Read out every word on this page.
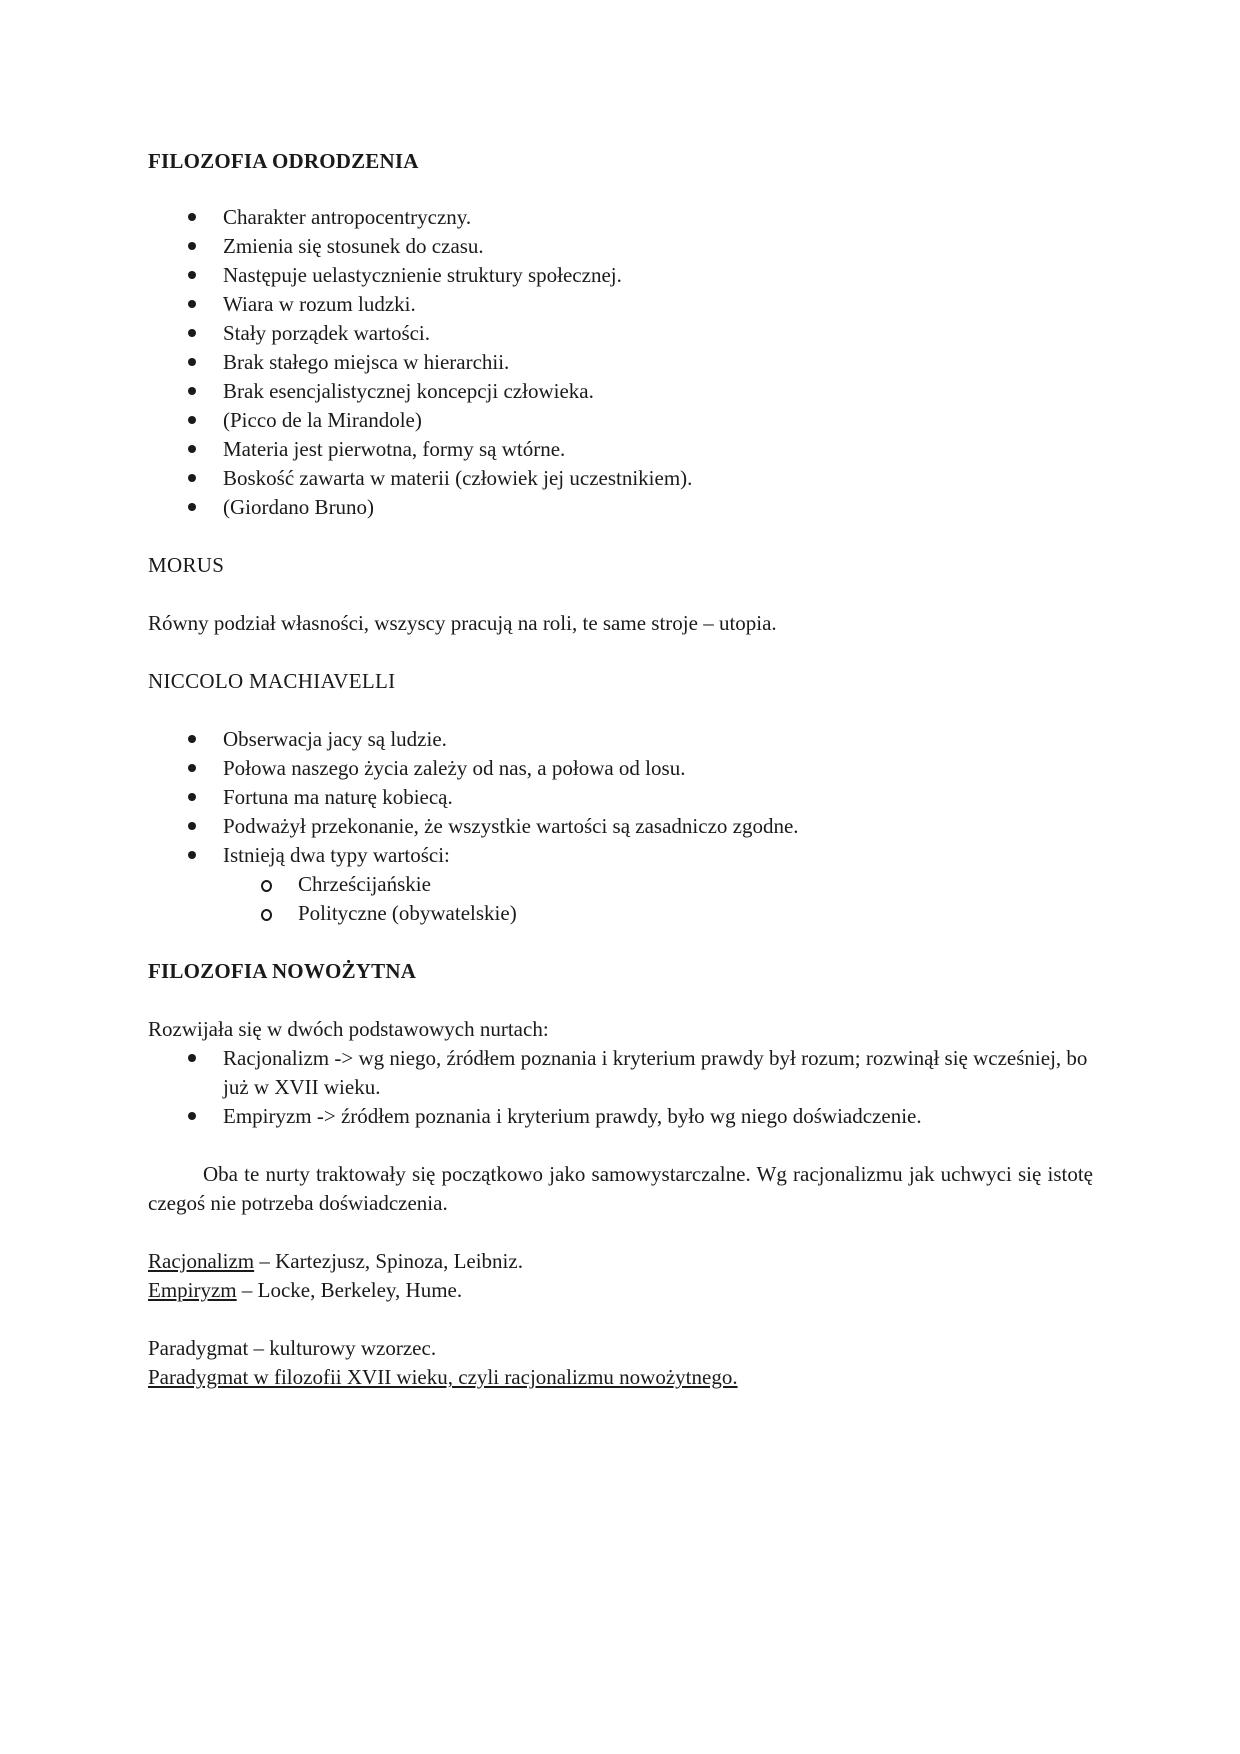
FILOZOFIA ODRODZENIA
Charakter antropocentryczny.
Zmienia się stosunek do czasu.
Następuje uelastycznienie struktury społecznej.
Wiara w rozum ludzki.
Stały porządek wartości.
Brak stałego miejsca w hierarchii.
Brak esencjalistycznej koncepcji człowieka.
(Picco de la Mirandole)
Materia jest pierwotna, formy są wtórne.
Boskość zawarta w materii (człowiek jej uczestnikiem).
(Giordano Bruno)
MORUS

Równy podział własności, wszyscy pracują na roli, te same stroje – utopia.

NICCOLO MACHIAVELLI
Obserwacja jacy są ludzie.
Połowa naszego życia zależy od nas, a połowa od losu.
Fortuna ma naturę kobiecą.
Podważył przekonanie, że wszystkie wartości są zasadniczo zgodne.
Istnieją dwa typy wartości:
Chrześcijańskie
Polityczne (obywatelskie)
FILOZOFIA NOWOŻYTNA

Rozwijała się w dwóch podstawowych nurtach:

Racjonalizm -> wg niego, źródłem poznania i kryterium prawdy był rozum; rozwinął się wcześniej, bo już w XVII wieku.
Empiryzm -> źródłem poznania i kryterium prawdy, było wg niego doświadczenie.

Oba te nurty traktowały się początkowo jako samowystarczalne. Wg racjonalizmu jak uchwyci się istotę czegoś nie potrzeba doświadczenia.

Racjonalizm – Kartezjusz, Spinoza, Leibniz.

Empiryzm – Locke, Berkeley, Hume.

Paradygmat – kulturowy wzorzec.

Paradygmat w filozofii XVII wieku, czyli racjonalizmu nowożytnego.
